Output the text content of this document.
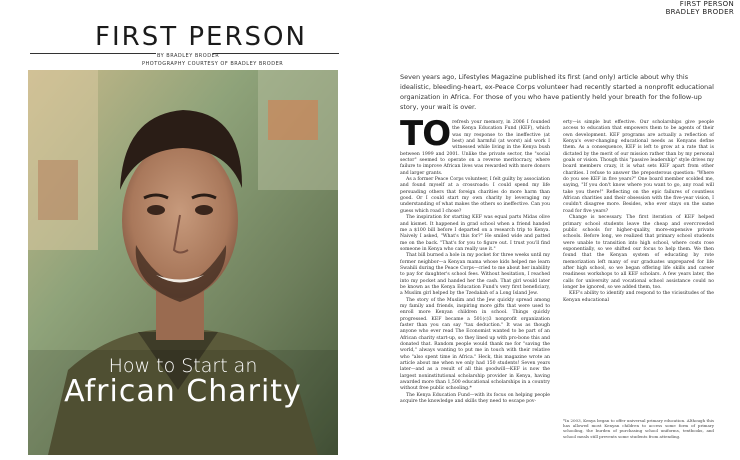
FIRST PERSON
BRADLEY BRODER
FIRST PERSON
BY BRADLEY BRODER
PHOTOGRAPHY COURTESY OF BRADLEY BRODER
How to Start an
African Charity
Seven years ago, Lifestyles Magazine published its first (and only) article about why this idealistic, bleeding-heart, ex-Peace Corps volunteer had recently started a nonprofit educational organization in Africa. For those of you who have patiently held your breath for the follow-up story, your wait is over.

TO refresh your memory, in 2006 I founded the Kenya Education Fund (KEF), which was my response to the ineffective (at best) and harmful (at worst) aid work I witnessed while living in the Kenya bush between 1999 and 2001. Unlike the private sector, the "social sector" seemed to operate on a reverse meritocracy, where failure to improve African lives was rewarded with more donors and larger grants.

As a former Peace Corps volunteer, I felt guilty by association and found myself at a crossroads: I could spend my life persuading others that foreign charities do more harm than good. Or I could start my own charity by leveraging my understanding of what makes the others so ineffective. Can you guess which road I chose?

The inspiration for starting KEF was equal parts Midas olive and kismet. It happened in grad school when a friend handed me a $100 bill before I departed on a research trip to Kenya. Naively I asked, "What's this for?" He smiled wide and patted me on the back. "That's for you to figure out. I trust you'll find someone in Kenya who can really use it."

That bill burned a hole in my pocket for three weeks until my former neighbor—a Kenyan mama whose kids helped me learn Swahili during the Peace Corps—cried to me about her inability to pay for daughter's school fees. Without hesitation, I reached into my pocket and handed her the cash. That girl would later be known as the Kenya Education Fund's very first beneficiary, a Muslim girl helped by the Tzedakah of a Long Island Jew.

The story of the Muslim and the Jew quickly spread among my family and friends, inspiring more gifts that were used to enroll more Kenyan children in school. Things quickly progressed. KEF became a 501(c)3 nonprofit organization faster than you can say "tax deduction." It was as though anyone who ever read The Economist wanted to be part of an African charity start-up, so they lined up with pro-bono this and donated that. Random people would thank me for "saving the world," always wanting to put me in touch with their relative who "also spent time in Africa." Heck, this magazine wrote an article about me when we only had 150 students! Seven years later—and as a result of all this goodwill—KEF is now the largest noninstitutional scholarship provider in Kenya, having awarded more than 1,500 educational scholarships in a country without free public schooling.*

The Kenya Education Fund—with its focus on helping people acquire the knowledge and skills they need to escape pov-

erty—is simple but effective. Our scholarships give people access to education that empowers them to be agents of their own development. KEF programs are actually a reflection of Kenya's ever-changing educational needs as Kenyans define them. As a consequence, KEF is left to grow at a rate that is dictated by the merit of our mission rather than by my personal goals or vision. Though this "passive leadership" style drives my board members crazy, it is what sets KEF apart from other charities. I refuse to answer the preposterous question: "Where do you see KEF in five years?" One board member scolded me, saying, "If you don't know where you want to go, any road will take you there!" Reflecting on the epic failures of countless African charities and their obsession with the five-year vision, I couldn't disagree more. Besides, who ever stays on the same road for five years?

Change is necessary. The first iteration of KEF helped primary school students leave the cheap and overcrowded public schools for higher-quality, more-expensive private schools. Before long, we realized that primary school students were unable to transition into high school, where costs rose exponentially, so we shifted our focus to help them. We then found that the Kenyan system of educating by rote memorization left many of our graduates unprepared for life after high school, so we began offering life skills and career readiness workshops to all KEF scholars. A few years later, the calls for university and vocational school assistance could no longer be ignored, so we added them, too.

KEF's ability to identify and respond to the vicissitudes of the Kenyan educational

*In 2003, Kenya began to offer universal primary education. Although this has allowed most Kenyan children to access some form of primary schooling, the burden of purchasing school uniforms, textbooks, and school meals still prevents some students from attending.
